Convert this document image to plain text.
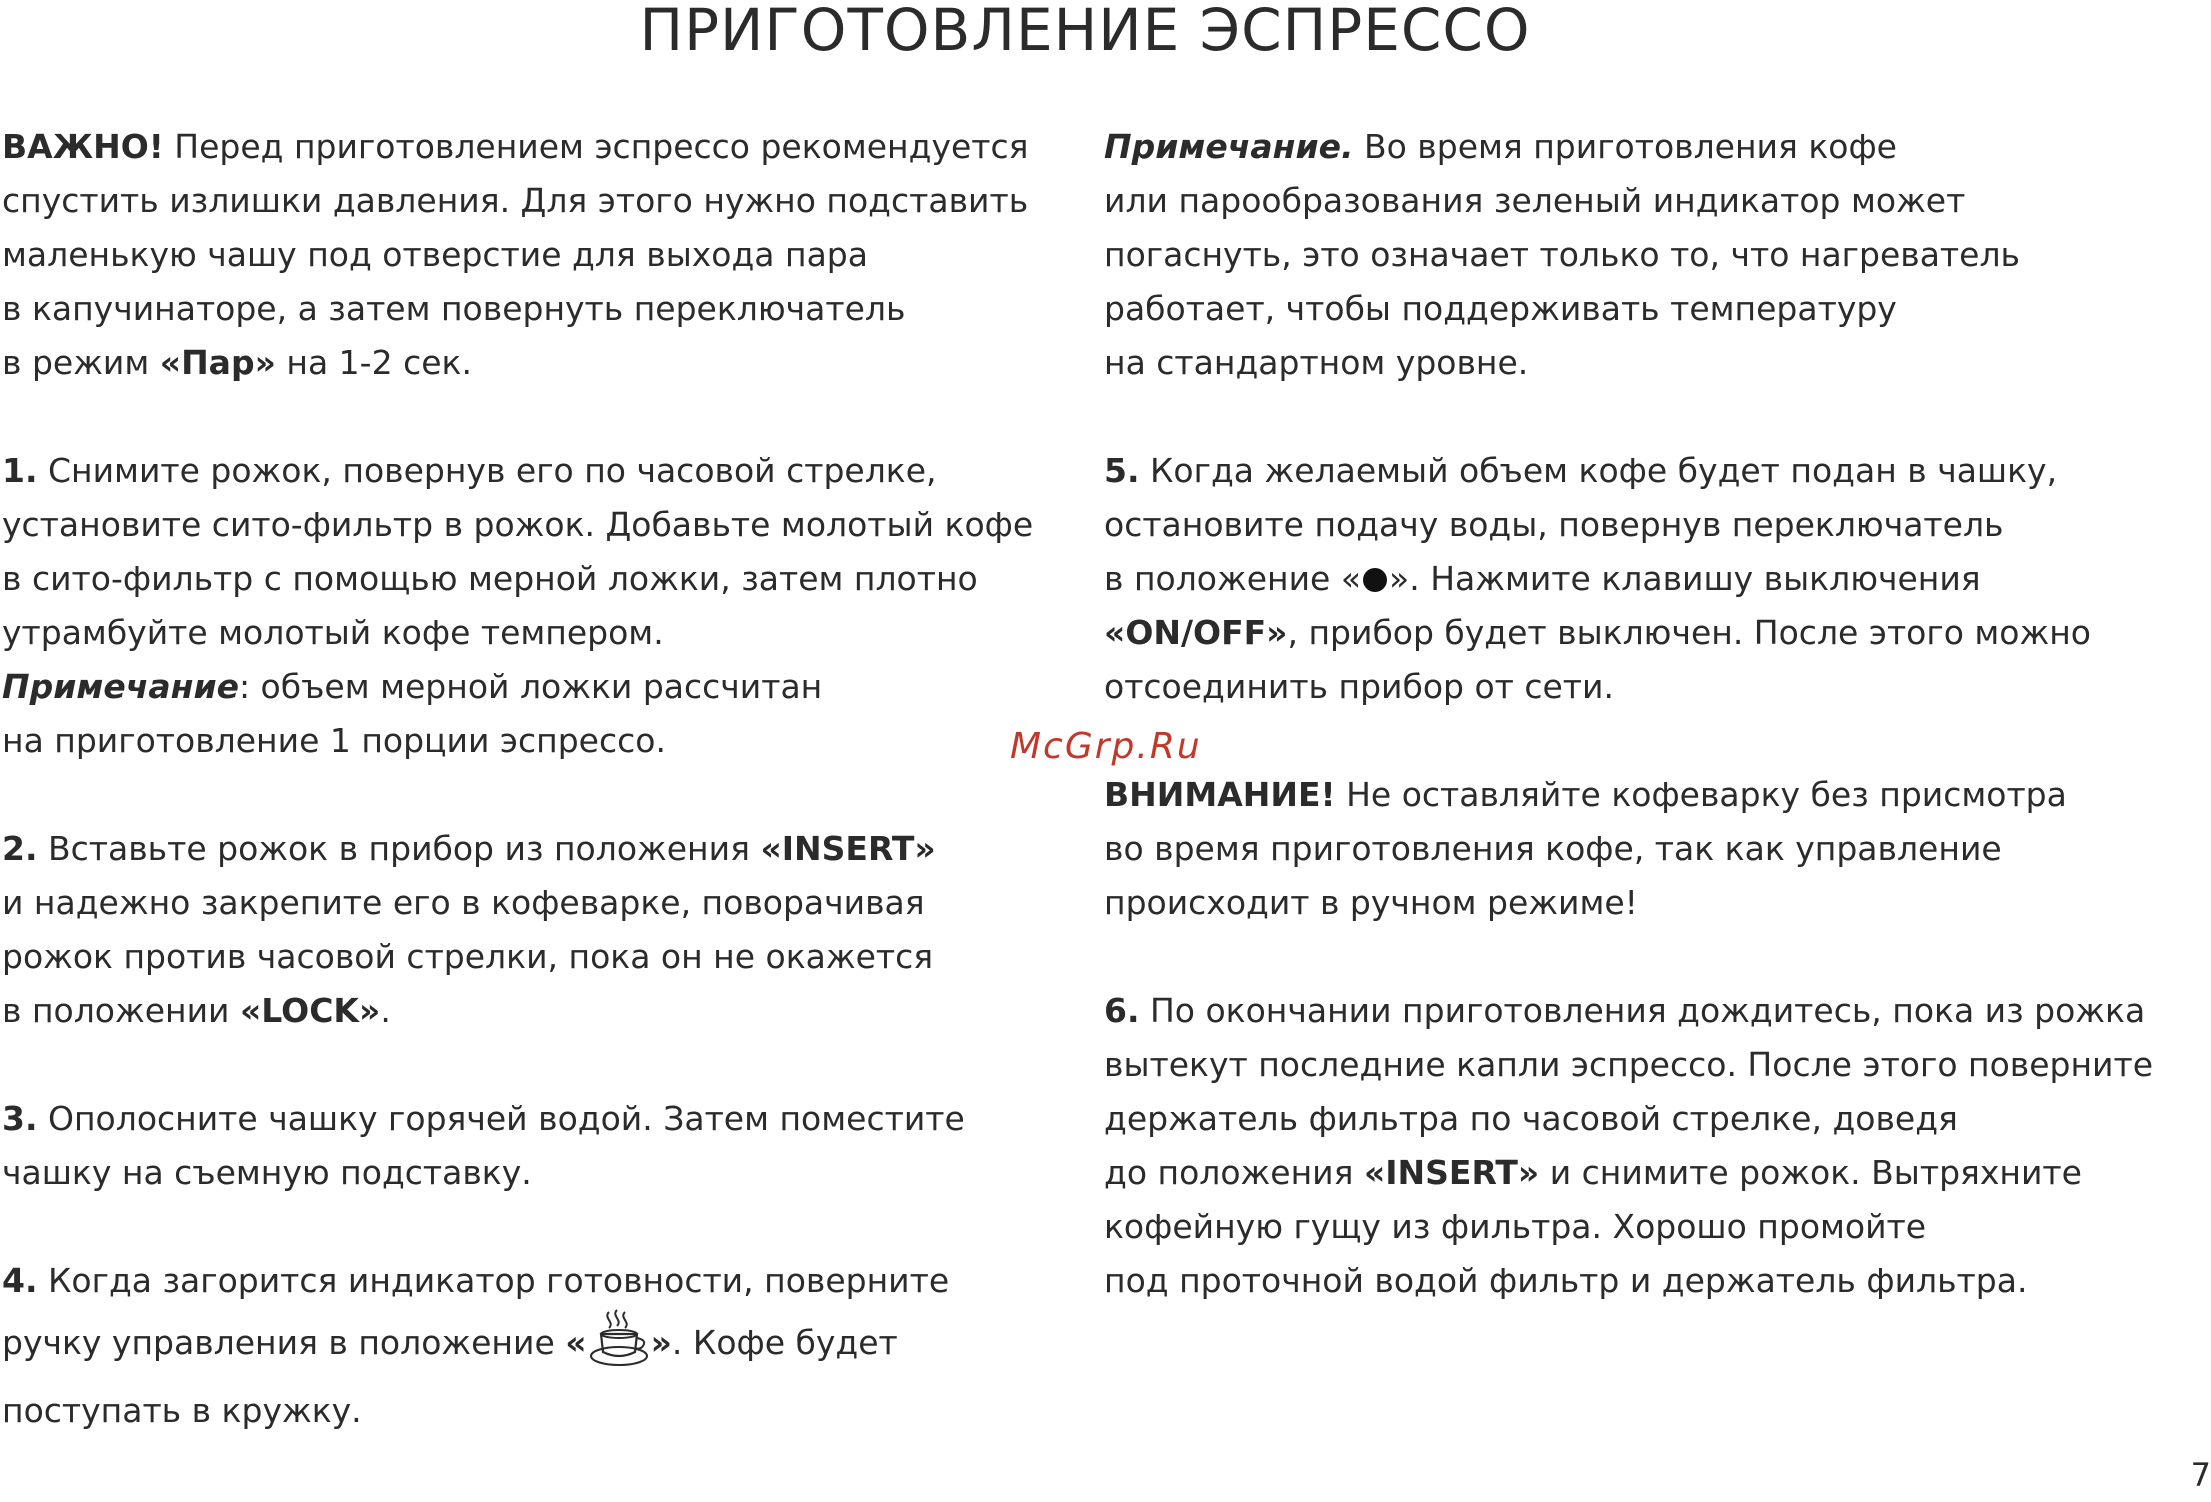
ПРИГОТОВЛЕНИЕ ЭСПРЕССО

ВАЖНО! Перед приготовлением эспрессо рекомендуется
спустить излишки давления. Для этого нужно подставить
маленькую чашу под отверстие для выхода пара
в капучинаторе, а затем повернуть переключатель
в режим «Пар» на 1-2 сек.

1. Снимите рожок, повернув его по часовой стрелке,
установите сито-фильтр в рожок. Добавьте молотый кофе
в сито-фильтр с помощью мерной ложки, затем плотно
утрамбуйте молотый кофе темпером.

Примечание: объем мерной ложки рассчитан
на приготовление 1 порции эспрессо.

2. Вставьте рожок в прибор из положения «INSERT»
и надежно закрепите его в кофеварке, поворачивая
рожок против часовой стрелки, пока он не окажется
в положении «LOCK».

3. Ополосните чашку горячей водой. Затем поместите
чашку на съемную подставку.

4. Когда загорится индикатор готовности, поверните
ручку управления в положение « ». Кофе будет
поступать в кружку.

Примечание. Во время приготовления кофе
или парообразования зеленый индикатор может
погаснуть, это означает только то, что нагреватель
работает, чтобы поддерживать температуру
на стандартном уровне.

5. Когда желаемый объем кофе будет подан в чашку,
остановите подачу воды, повернув переключатель
в положение « ». Нажмите клавишу выключения
«ON/OFF», прибор будет выключен. После этого можно
отсоединить прибор от сети.

ВНИМАНИЕ! Не оставляйте кофеварку без присмотра
во время приготовления кофе, так как управление
происходит в ручном режиме!

6. По окончании приготовления дождитесь, пока из рожка
вытекут последние капли эспрессо. После этого поверните
держатель фильтра по часовой стрелке, доведя
до положения «INSERT» и снимите рожок. Вытряхните
кофейную гущу из фильтра. Хорошо промойте
под проточной водой фильтр и держатель фильтра.

McGrp.Ru
7
